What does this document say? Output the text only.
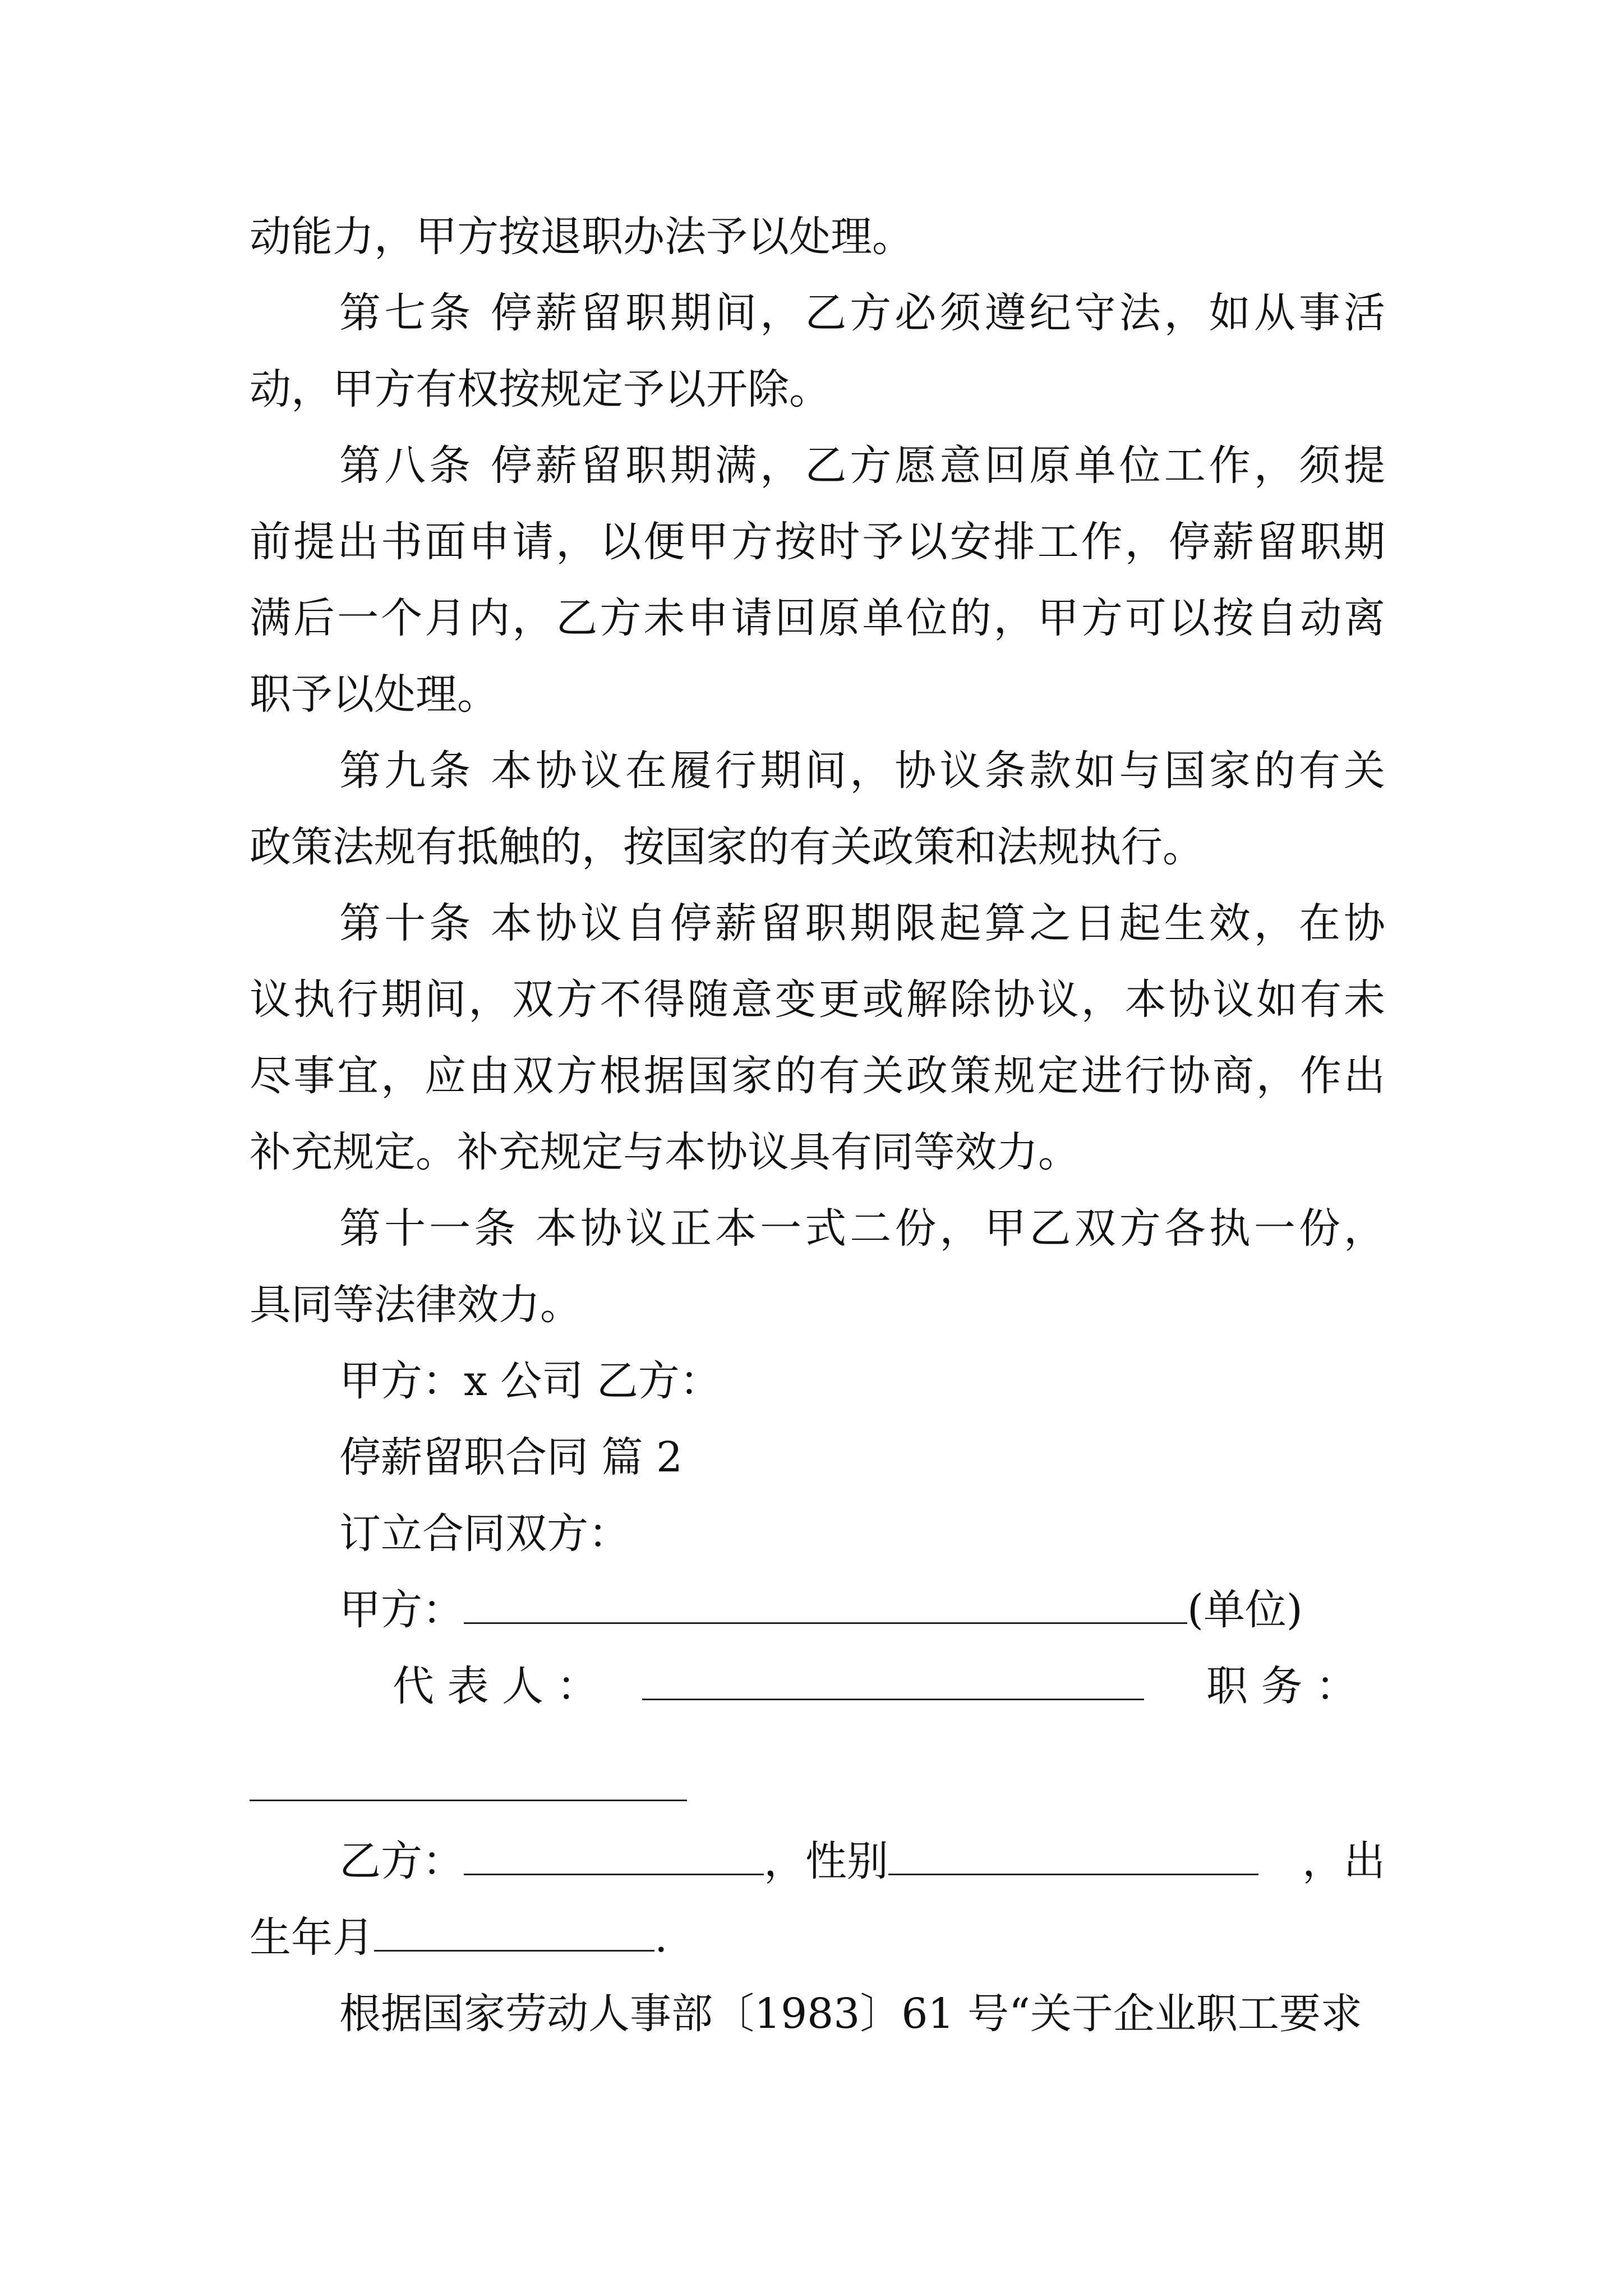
动能力，甲方按退职办法予以处理。
第七条 停薪留职期间，乙方必须遵纪守法，如从事活
动，甲方有权按规定予以开除。
第八条 停薪留职期满，乙方愿意回原单位工作，须提
前提出书面申请，以便甲方按时予以安排工作，停薪留职期
满后一个月内，乙方未申请回原单位的，甲方可以按自动离
职予以处理。
第九条 本协议在履行期间，协议条款如与国家的有关
政策法规有抵触的，按国家的有关政策和法规执行。
第十条 本协议自停薪留职期限起算之日起生效，在协
议执行期间，双方不得随意变更或解除协议，本协议如有未
尽事宜，应由双方根据国家的有关政策规定进行协商，作出
补充规定。补充规定与本协议具有同等效力。
第十一条 本协议正本一式二份，甲乙双方各执一份，
具同等法律效力。
甲方：x 公司 乙方：
停薪留职合同 篇 2
订立合同双方：
甲方：	(单位)
代 表 人 ：	职 务 ：
乙方：	，性别	，出
生年月	.
根据国家劳动人事部〔1983〕61 号“关于企业职工要求
